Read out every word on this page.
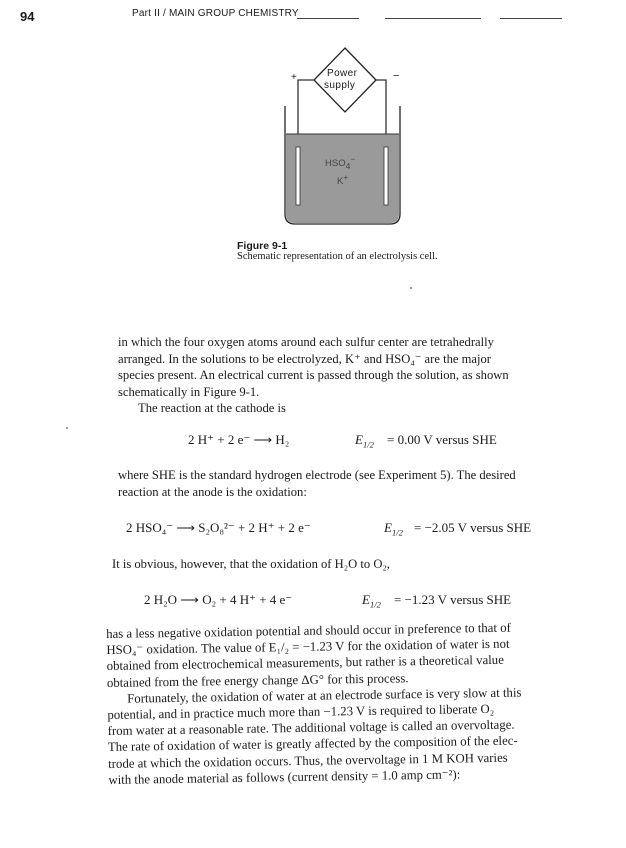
94	Part II / MAIN GROUP CHEMISTRY
Power
supply
+	−
$HSO_4^-$
K+
Figure 9-1
Schematic representation of an electrolysis cell.

in which the four oxygen atoms around each sulfur center are tetrahedrally

arranged. In the solutions to be electrolyzed, K⁺ and HSO₄⁻ are the major

species present. An electrical current is passed through the solution, as shown

schematically in Figure 9-1.

The reaction at the cathode is

2 H⁺ + 2 e⁻ ⟶ H₂	$E_{1/2} = 0.00$ V versus SHE

where SHE is the standard hydrogen electrode (see Experiment 5). The desired

reaction at the anode is the oxidation:

2 HSO₄⁻ ⟶ S₂O₈²⁻ + 2 H⁺ + 2 e⁻	$E_{1/2} = -2.05$ V versus SHE

It is obvious, however, that the oxidation of H₂O to O₂,

2 H₂O ⟶ O₂ + 4 H⁺ + 4 e⁻	$E_{1/2} = -1.23$ V versus SHE

has a less negative oxidation potential and should occur in preference to that of

HSO₄⁻ oxidation. The value of E₁/₂ = −1.23 V for the oxidation of water is not

obtained from electrochemical measurements, but rather is a theoretical value

obtained from the free energy change ΔG° for this process.

Fortunately, the oxidation of water at an electrode surface is very slow at this

potential, and in practice much more than −1.23 V is required to liberate O₂

from water at a reasonable rate. The additional voltage is called an overvoltage.

The rate of oxidation of water is greatly affected by the composition of the elec-

trode at which the oxidation occurs. Thus, the overvoltage in 1 M KOH varies

with the anode material as follows (current density = 1.0 amp cm⁻²):
